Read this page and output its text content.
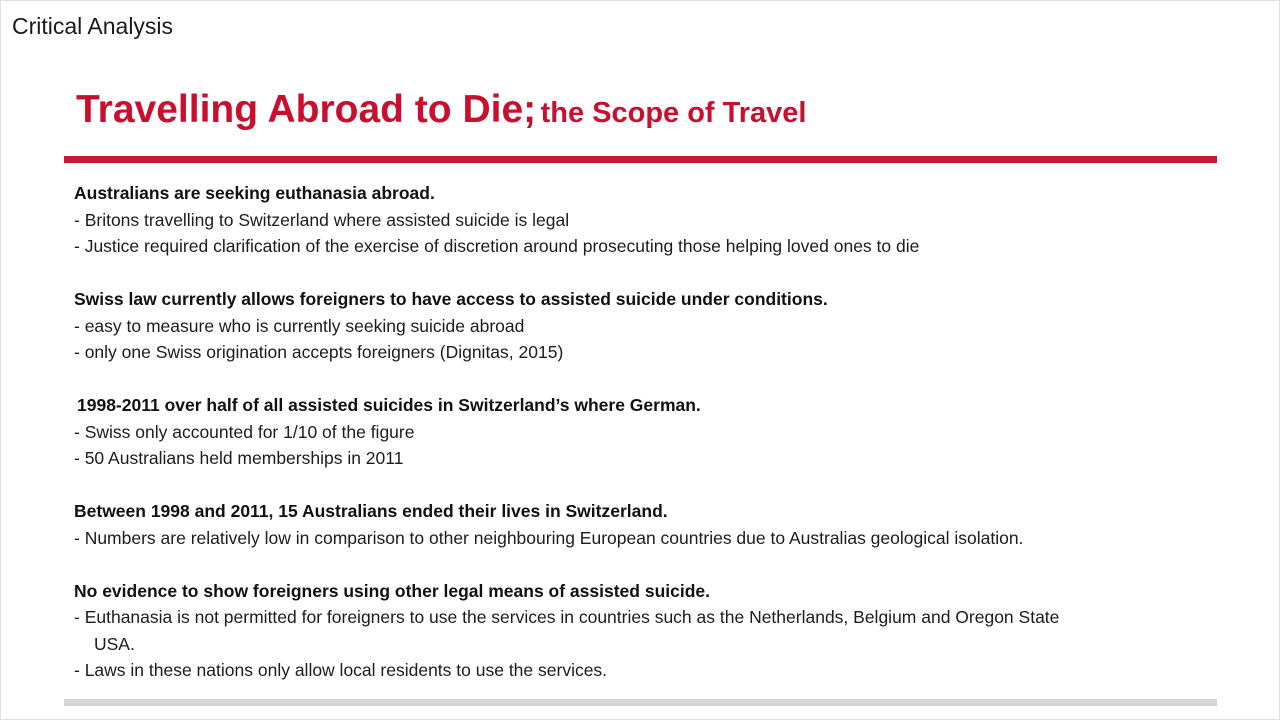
Critical Analysis
Travelling Abroad to Die; the Scope of Travel
Australians are seeking euthanasia abroad.
- Britons travelling to Switzerland where assisted suicide is legal
- Justice required clarification of the exercise of discretion around prosecuting those helping loved ones to die
Swiss law currently allows foreigners to have access to assisted suicide under conditions.
- easy to measure who is currently seeking suicide abroad
- only one Swiss origination accepts foreigners (Dignitas, 2015)
1998-2011 over half of all assisted suicides in Switzerland’s where German.
- Swiss only accounted for 1/10 of the figure
- 50 Australians held memberships in 2011
Between 1998 and 2011, 15 Australians ended their lives in Switzerland.
- Numbers are relatively low in comparison to other neighbouring European countries due to Australias geological isolation.
No evidence to show foreigners using other legal means of assisted suicide.
- Euthanasia is not permitted for foreigners to use the services in countries such as the Netherlands, Belgium and Oregon State
USA.
- Laws in these nations only allow local residents to use the services.
